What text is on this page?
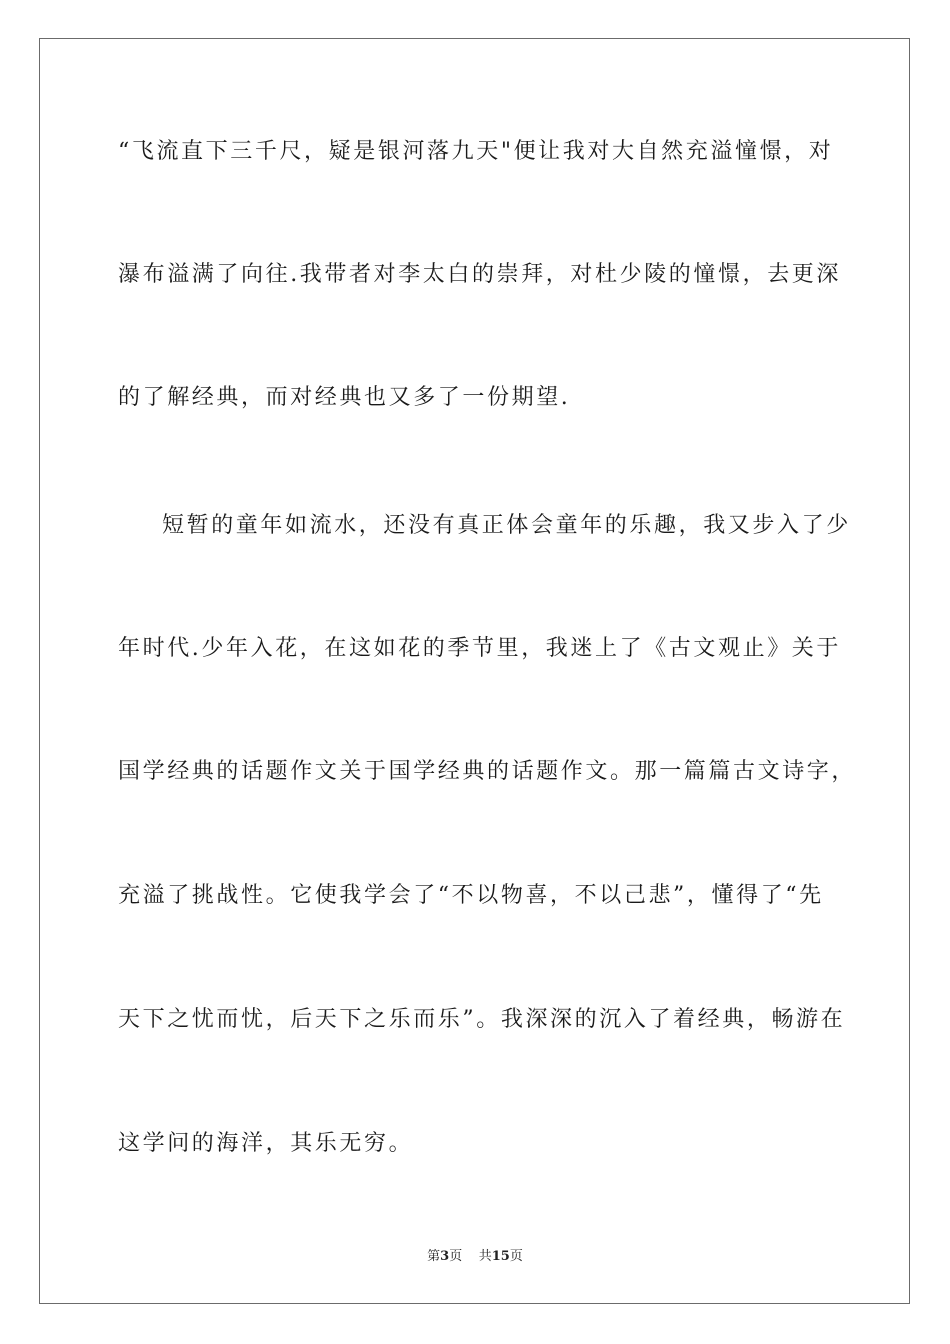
“飞流直下三千尺，疑是银河落九天"便让我对大自然充溢憧憬，对
瀑布溢满了向往.我带者对李太白的崇拜，对杜少陵的憧憬，去更深
的了解经典，而对经典也又多了一份期望.
短暂的童年如流水，还没有真正体会童年的乐趣，我又步入了少
年时代.少年入花，在这如花的季节里，我迷上了《古文观止》关于
国学经典的话题作文关于国学经典的话题作文。那一篇篇古文诗字，
充溢了挑战性。它使我学会了“不以物喜，不以己悲”，懂得了“先
天下之忧而忧，后天下之乐而乐”。我深深的沉入了着经典，畅游在
这学问的海洋，其乐无穷。
第3页 共15页
